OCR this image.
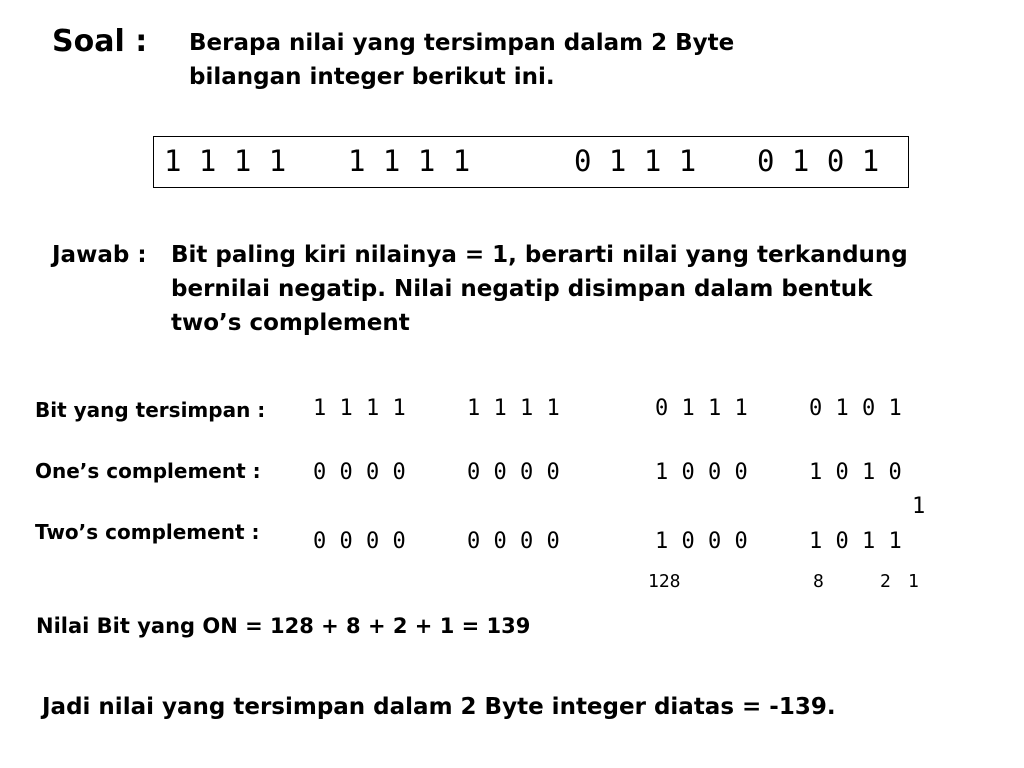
Soal : Berapa nilai yang tersimpan dalam 2 Byte
bilangan integer berikut ini.
1 1 1 1 1 1 1 1	0 1 1 1 0 1 0 1
Jawab : Bit paling kiri nilainya = 1, berarti nilai yang terkandung
bernilai negatip. Nilai negatip disimpan dalam bentuk
two’s complement
Bit yang tersimpan : 1 1 1 1	1 1 1 1	0 1 1 1	0 1 0 1
One’s complement : 0 0 0 0	0 0 0 0	1 0 0 0	1 0 1 0
1
Two’s complement : 0 0 0 0	0 0 0 0	1 0 0 0	1 0 1 1
128	8	2 1
Nilai Bit yang ON = 128 + 8 + 2 + 1 = 139
Jadi nilai yang tersimpan dalam 2 Byte integer diatas = -139.
